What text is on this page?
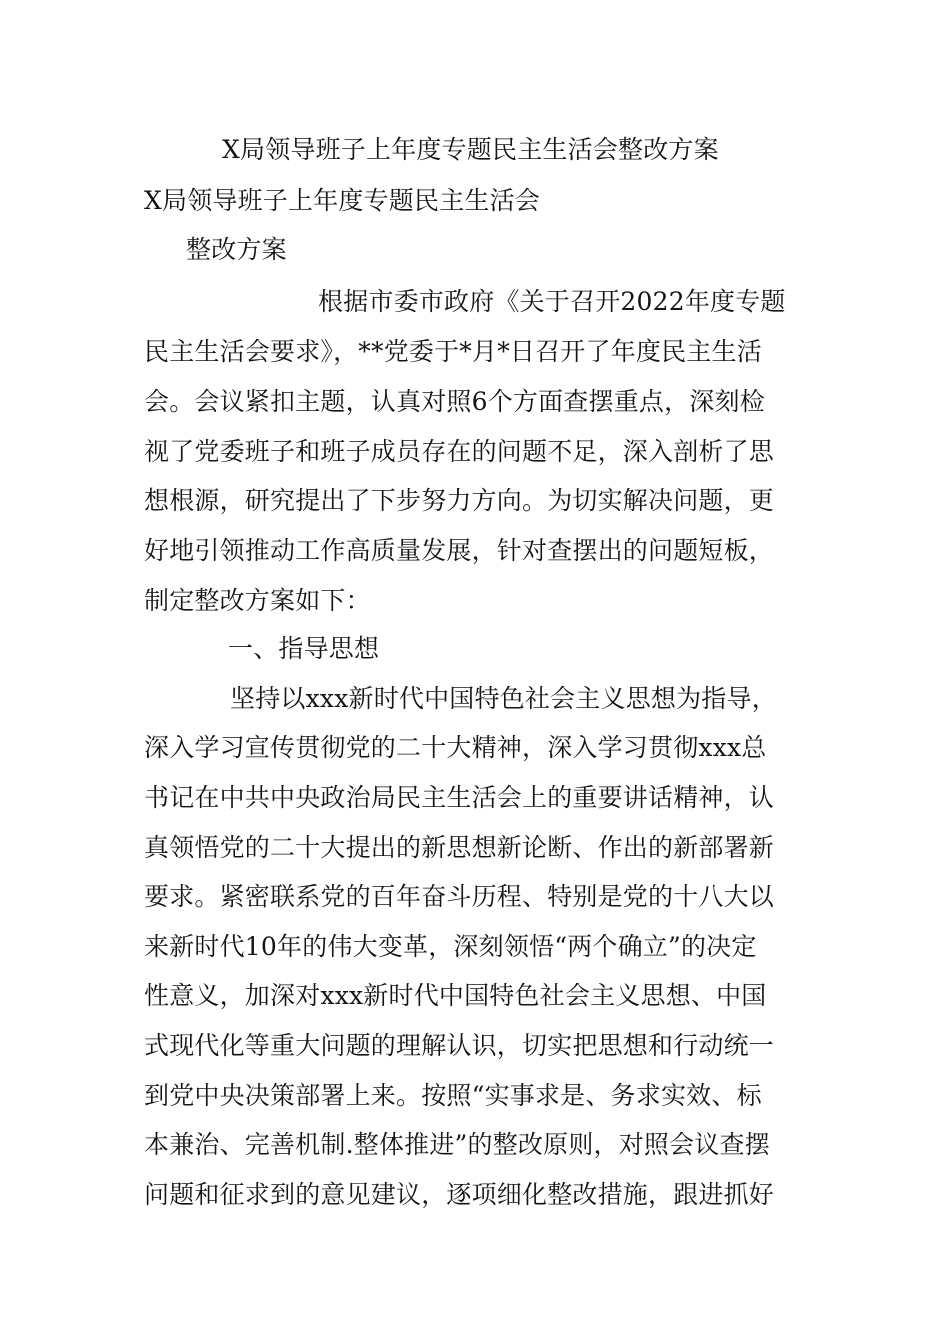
X局领导班子上年度专题民主生活会整改方案
X局领导班子上年度专题民主生活会
整改方案
根据市委市政府《关于召开2022年度专题
民主生活会要求》，**党委于*月*日召开了年度民主生活
会。会议紧扣主题，认真对照6个方面查摆重点，深刻检
视了党委班子和班子成员存在的问题不足，深入剖析了思
想根源，研究提出了下步努力方向。为切实解决问题，更
好地引领推动工作高质量发展，针对查摆出的问题短板，
制定整改方案如下：
一、指导思想
坚持以xxx新时代中国特色社会主义思想为指导，
深入学习宣传贯彻党的二十大精神，深入学习贯彻xxx总
书记在中共中央政治局民主生活会上的重要讲话精神，认
真领悟党的二十大提出的新思想新论断、作出的新部署新
要求。紧密联系党的百年奋斗历程、特别是党的十八大以
来新时代10年的伟大变革，深刻领悟“两个确立”的决定
性意义，加深对xxx新时代中国特色社会主义思想、中国
式现代化等重大问题的理解认识，切实把思想和行动统一
到党中央决策部署上来。按照“实事求是、务求实效、标
本兼治、完善机制.整体推进”的整改原则，对照会议查摆
问题和征求到的意见建议，逐项细化整改措施，跟进抓好
